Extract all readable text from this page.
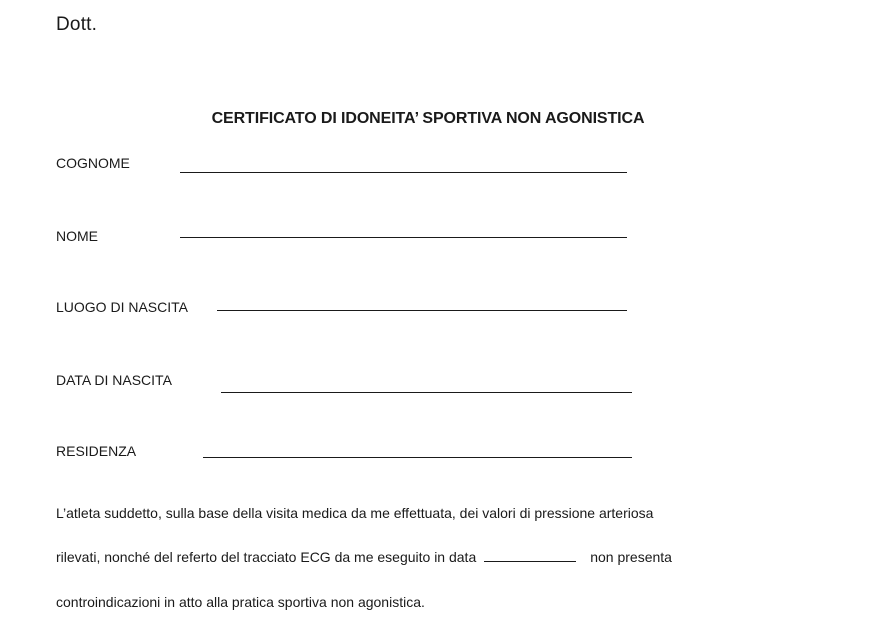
Dott.
CERTIFICATO DI IDONEITA’ SPORTIVA NON AGONISTICA
COGNOME
NOME
LUOGO DI NASCITA
DATA DI NASCITA
RESIDENZA
L’atleta suddetto, sulla base della visita medica da me effettuata, dei valori di pressione arteriosa
rilevati, nonché del referto del tracciato ECG da me eseguito in data	non presenta
controindicazioni in atto alla pratica sportiva non agonistica.
